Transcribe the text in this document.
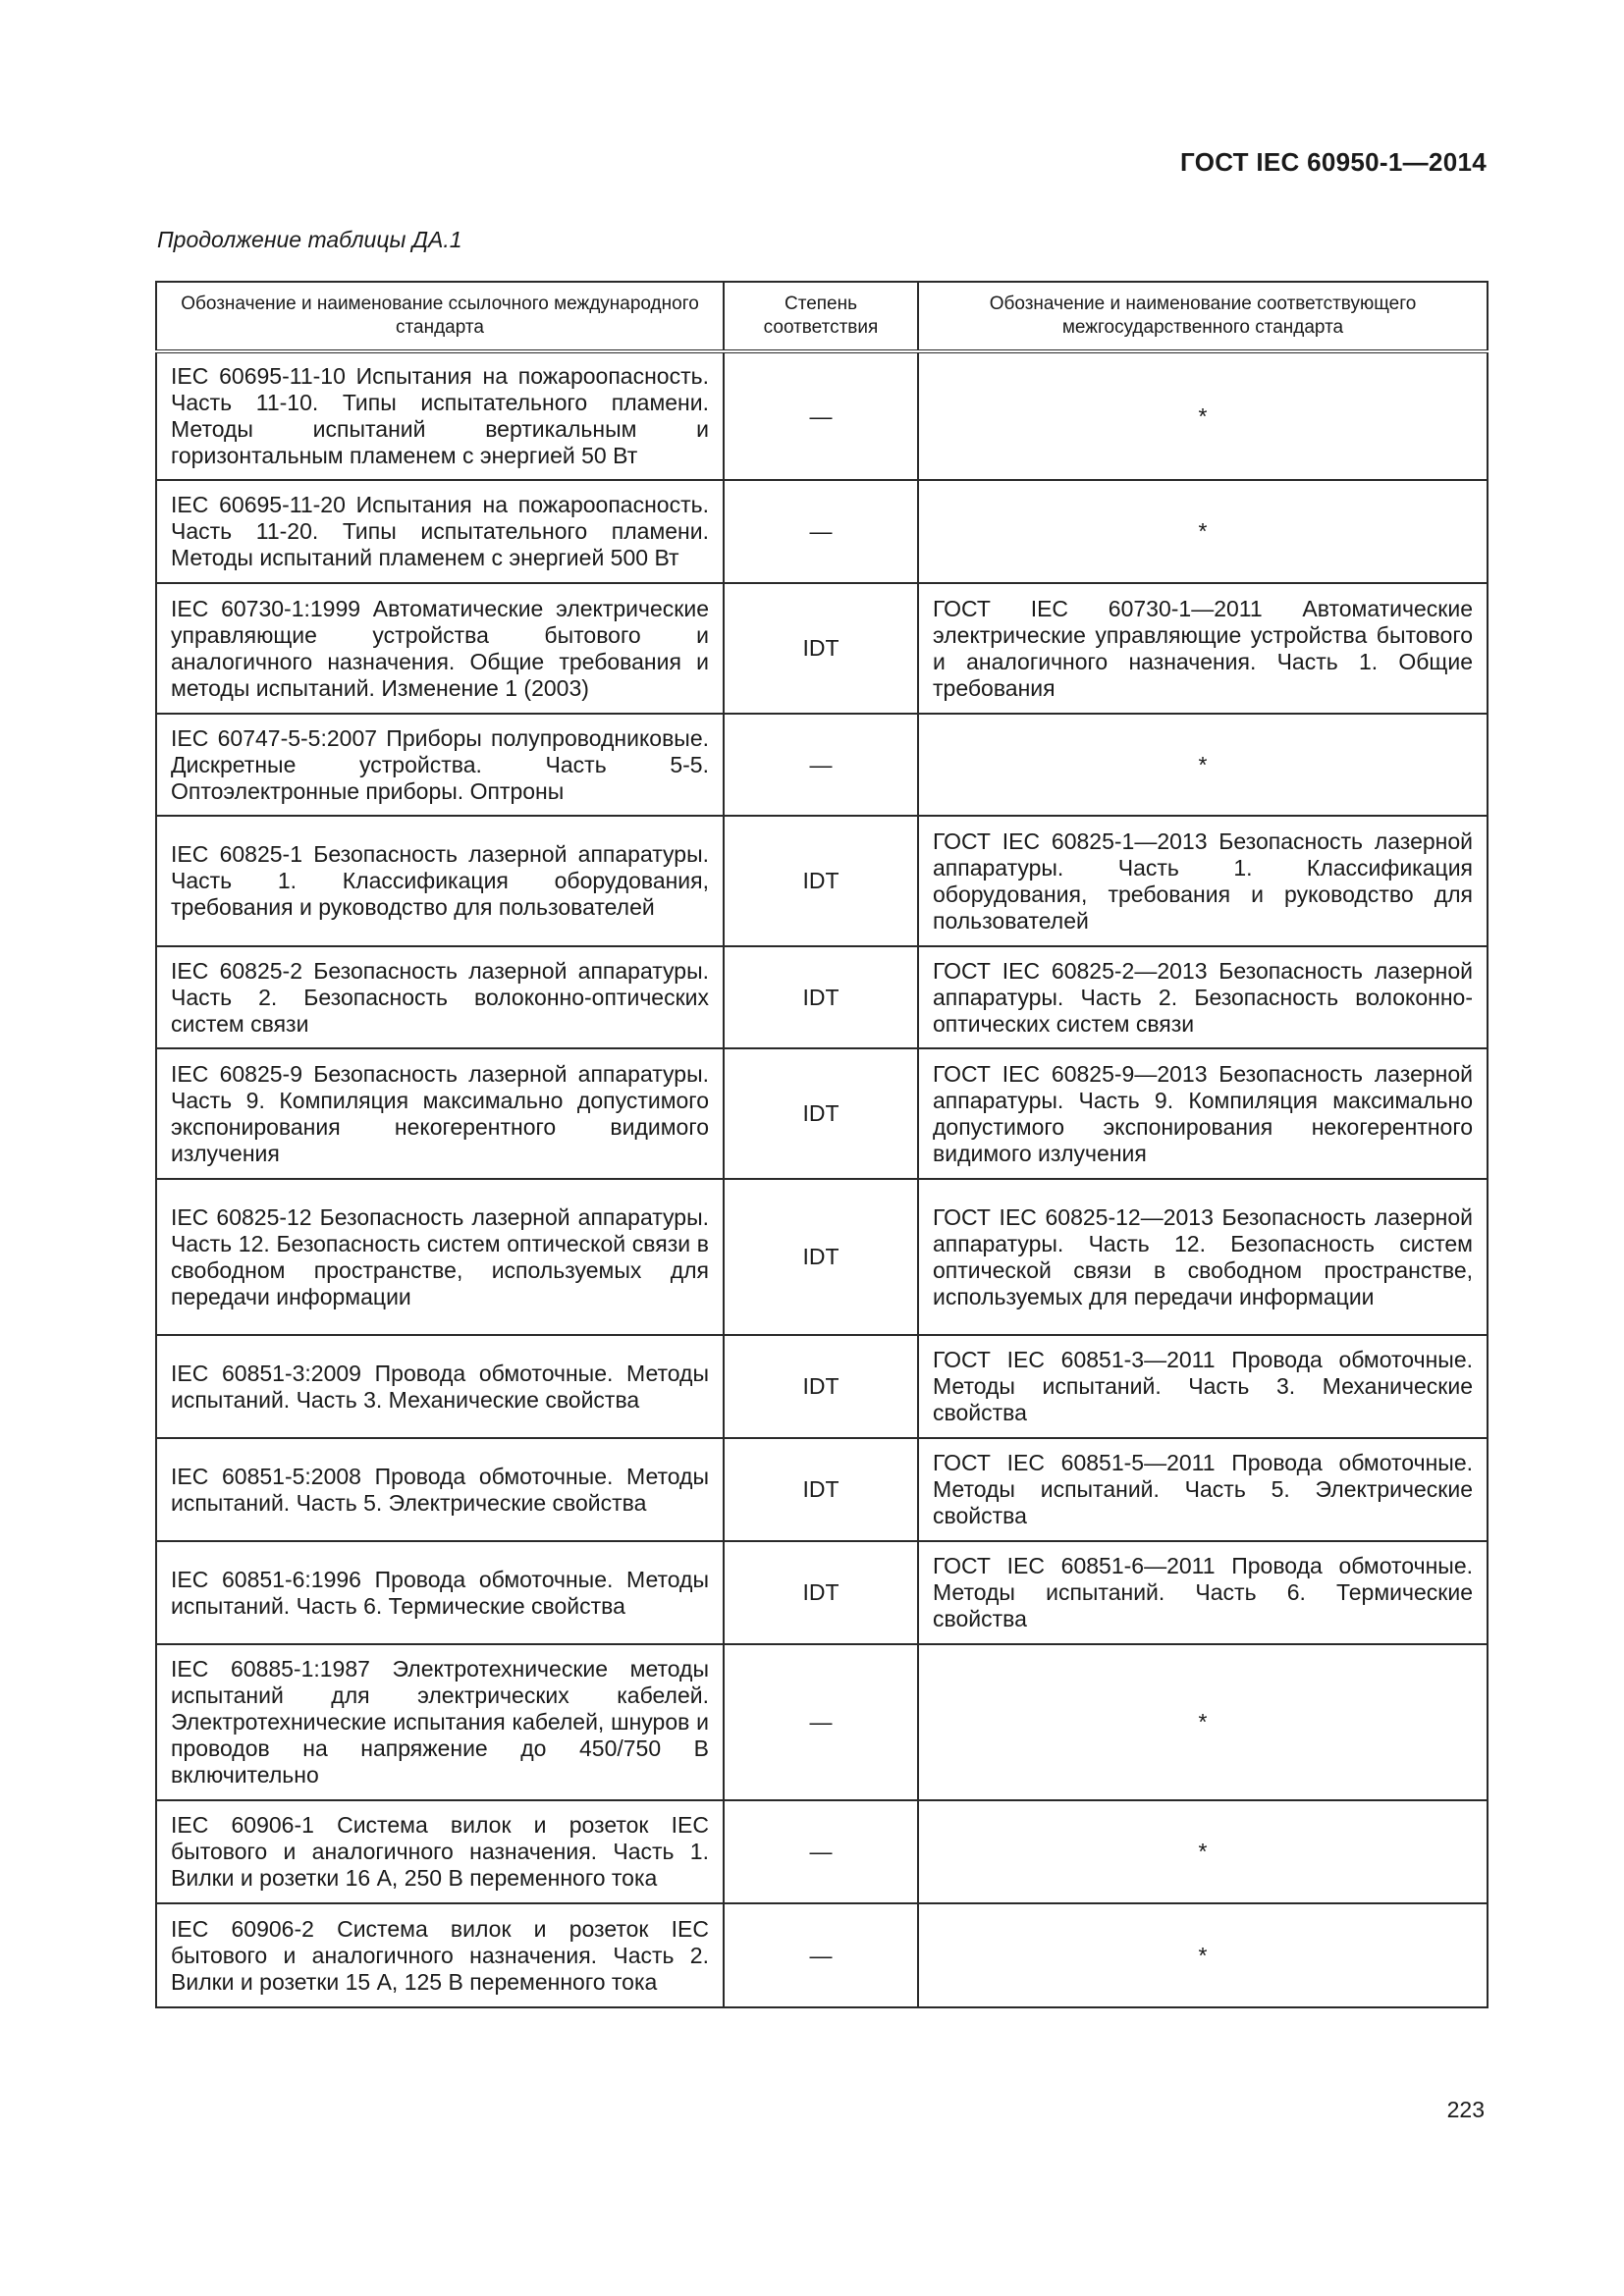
ГОСТ IEC 60950-1—2014
Продолжение таблицы ДА.1
Обозначение и наименование ссылочного международного стандарта	Степень соответствия	Обозначение и наименование соответствующего межгосударственного стандарта
IEC 60695-11-10 Испытания на пожароопасность. Часть 11-10. Типы испытательного пламени. Методы испытаний вертикальным и горизонтальным пламенем с энергией 50 Вт	—	*
IEC 60695-11-20 Испытания на пожароопасность. Часть 11-20. Типы испытательного пламени. Методы испытаний пламенем с энергией 500 Вт	—	*
IEC 60730-1:1999 Автоматические электрические управляющие устройства бытового и аналогичного назначения. Общие требования и методы испытаний. Изменение 1 (2003)	IDT	ГОСТ IEC 60730-1—2011 Автоматические электрические управляющие устройства бытового и аналогичного назначения. Часть 1. Общие требования
IEC 60747-5-5:2007 Приборы полупроводниковые. Дискретные устройства. Часть 5-5. Оптоэлектронные приборы. Оптроны	—	*
IEC 60825-1 Безопасность лазерной аппаратуры. Часть 1. Классификация оборудования, требования и руководство для пользователей	IDT	ГОСТ IEC 60825-1—2013 Безопасность лазерной аппаратуры. Часть 1. Классификация оборудования, требования и руководство для пользователей
IEC 60825-2 Безопасность лазерной аппаратуры. Часть 2. Безопасность волоконно-оптических систем связи	IDT	ГОСТ IEC 60825-2—2013 Безопасность лазерной аппаратуры. Часть 2. Безопасность волоконно-оптических систем связи
IEC 60825-9 Безопасность лазерной аппаратуры. Часть 9. Компиляция максимально допустимого экспонирования некогерентного видимого излучения	IDT	ГОСТ IEC 60825-9—2013 Безопасность лазерной аппаратуры. Часть 9. Компиляция максимально допустимого экспонирования некогерентного видимого излучения
IEC 60825-12 Безопасность лазерной аппаратуры. Часть 12. Безопасность систем оптической связи в свободном пространстве, используемых для передачи информации	IDT	ГОСТ IEC 60825-12—2013 Безопасность лазерной аппаратуры. Часть 12. Безопасность систем оптической связи в свободном пространстве, используемых для передачи информации
IEC 60851-3:2009 Провода обмоточные. Методы испытаний. Часть 3. Механические свойства	IDT	ГОСТ IEC 60851-3—2011 Провода обмоточные. Методы испытаний. Часть 3. Механические свойства
IEC 60851-5:2008 Провода обмоточные. Методы испытаний. Часть 5. Электрические свойства	IDT	ГОСТ IEC 60851-5—2011 Провода обмоточные. Методы испытаний. Часть 5. Электрические свойства
IEC 60851-6:1996 Провода обмоточные. Методы испытаний. Часть 6. Термические свойства	IDT	ГОСТ IEC 60851-6—2011 Провода обмоточные. Методы испытаний. Часть 6. Термические свойства
IEC 60885-1:1987 Электротехнические методы испытаний для электрических кабелей. Электротехнические испытания кабелей, шнуров и проводов на напряжение до 450/750 В включительно	—	*
IEC 60906-1 Система вилок и розеток IEC бытового и аналогичного назначения. Часть 1. Вилки и розетки 16 А, 250 В переменного тока	—	*
IEC 60906-2 Система вилок и розеток IEC бытового и аналогичного назначения. Часть 2. Вилки и розетки 15 А, 125 В переменного тока	—	*
223
